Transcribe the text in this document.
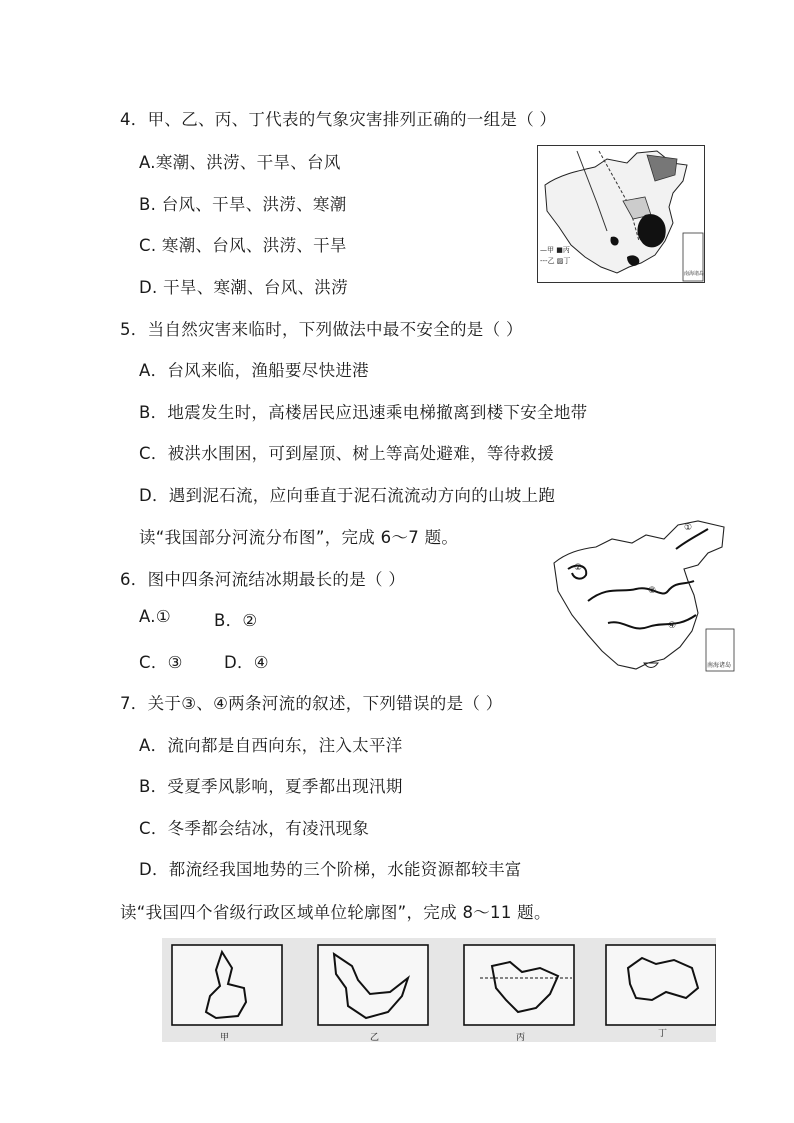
4．甲、乙、丙、丁代表的气象灾害排列正确的一组是（ ）
A.寒潮、洪涝、干旱、台风
B. 台风、干旱、洪涝、寒潮
C. 寒潮、台风、洪涝、干旱
D. 干旱、寒潮、台风、洪涝
—甲 ■丙
---乙 ▨丁
南海诸岛
5．当自然灾害来临时，下列做法中最不安全的是（ ）
A．台风来临，渔船要尽快进港
B．地震发生时，高楼居民应迅速乘电梯撤离到楼下安全地带
C．被洪水围困，可到屋顶、树上等高处避难，等待救援
D．遇到泥石流，应向垂直于泥石流流动方向的山坡上跑
读“我国部分河流分布图”，完成 6～7 题。
6．图中四条河流结冰期最长的是（ ）
A.①	B．②
C．③	D．④
①
②
③
④
南海诸岛
7．关于③、④两条河流的叙述，下列错误的是（ ）
A．流向都是自西向东，注入太平洋
B．受夏季风影响，夏季都出现汛期
C．冬季都会结冰，有凌汛现象
D．都流经我国地势的三个阶梯，水能资源都较丰富
读“我国四个省级行政区域单位轮廓图”，完成 8～11 题。
甲	乙	丙	丁
